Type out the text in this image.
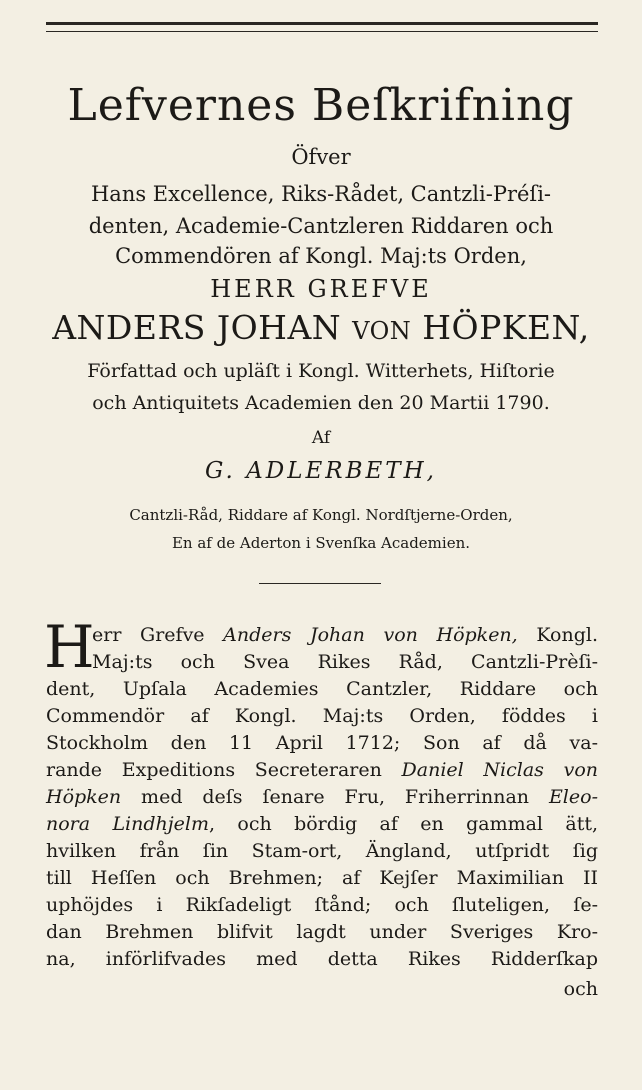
Lefvernes Beſkrifning
Öfver
Hans Excellence, Riks-Rådet, Cantzli-Préſi-
denten, Academie-Cantzleren Riddaren och
Commendören af Kongl. Maj:ts Orden,
HERR GREFVE
ANDERS JOHAN VON HÖPKEN,
Författad och upläſt i Kongl. Witterhets, Hiſtorie
och Antiquitets Academien den 20 Martii 1790.
Af
G. ADLERBETH,
Cantzli-Råd, Riddare af Kongl. Nordſtjerne-Orden,
En af de Aderton i Svenſka Academien.
H
err Grefve Anders Johan von Höpken, Kongl.
Maj:ts och Svea Rikes Råd, Cantzli-Prèſi-
dent, Upſala Academies Cantzler, Riddare och
Commendör af Kongl. Maj:ts Orden, föddes i
Stockholm den 11 April 1712; Son af då va-
rande Expeditions Secreteraren Daniel Niclas von
Höpken med deſs ſenare Fru, Friherrinnan Eleo-
nora Lindhjelm, och bördig af en gammal ätt,
hvilken från ſin Stam-ort, Ängland, utſpridt ſig
till Heſſen och Brehmen; af Kejſer Maximilian II
uphöjdes i Rikſadeligt ſtånd; och ſluteligen, ſe-
dan Brehmen blifvit lagdt under Sveriges Kro-
na, införlifvades med detta Rikes Ridderſkap
och
